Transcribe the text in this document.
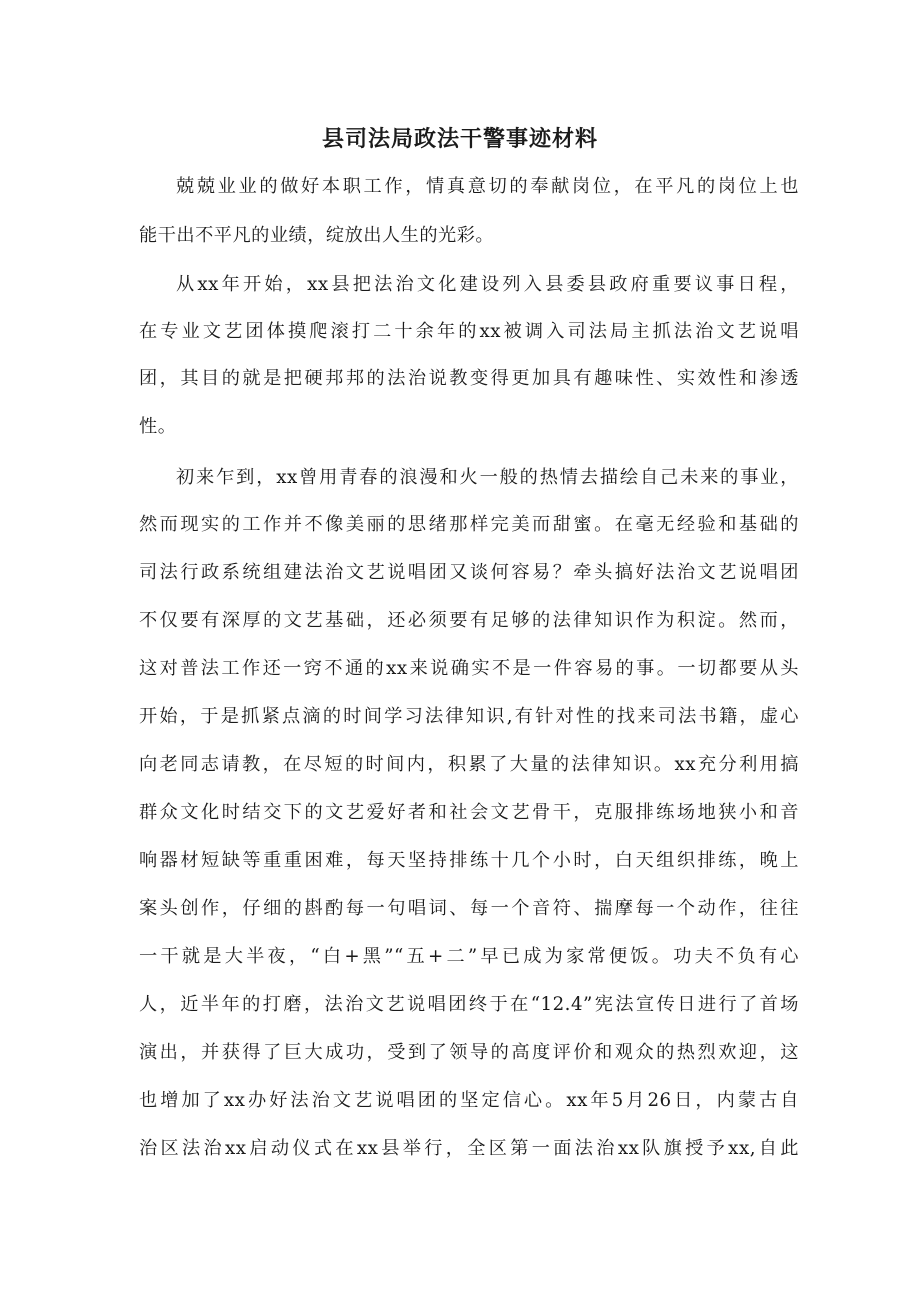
县司法局政法干警事迹材料

兢兢业业的做好本职工作，情真意切的奉献岗位，在平凡的岗位上也

能干出不平凡的业绩，绽放出人生的光彩。

从xx年开始，xx县把法治文化建设列入县委县政府重要议事日程，

在专业文艺团体摸爬滚打二十余年的xx被调入司法局主抓法治文艺说唱

团，其目的就是把硬邦邦的法治说教变得更加具有趣味性、实效性和渗透

性。

初来乍到，xx曾用青春的浪漫和火一般的热情去描绘自己未来的事业，

然而现实的工作并不像美丽的思绪那样完美而甜蜜。在毫无经验和基础的

司法行政系统组建法治文艺说唱团又谈何容易？牵头搞好法治文艺说唱团

不仅要有深厚的文艺基础，还必须要有足够的法律知识作为积淀。然而，

这对普法工作还一窍不通的xx来说确实不是一件容易的事。一切都要从头

开始，于是抓紧点滴的时间学习法律知识,有针对性的找来司法书籍，虚心

向老同志请教，在尽短的时间内，积累了大量的法律知识。xx充分利用搞

群众文化时结交下的文艺爱好者和社会文艺骨干，克服排练场地狭小和音

响器材短缺等重重困难，每天坚持排练十几个小时，白天组织排练，晚上

案头创作，仔细的斟酌每一句唱词、每一个音符、揣摩每一个动作，往往

一干就是大半夜，“白+黑”“五+二”早已成为家常便饭。功夫不负有心

人，近半年的打磨，法治文艺说唱团终于在“12.4”宪法宣传日进行了首场

演出，并获得了巨大成功，受到了领导的高度评价和观众的热烈欢迎，这

也增加了xx办好法治文艺说唱团的坚定信心。xx年5月26日，内蒙古自

治区法治xx启动仪式在xx县举行，全区第一面法治xx队旗授予xx,自此
